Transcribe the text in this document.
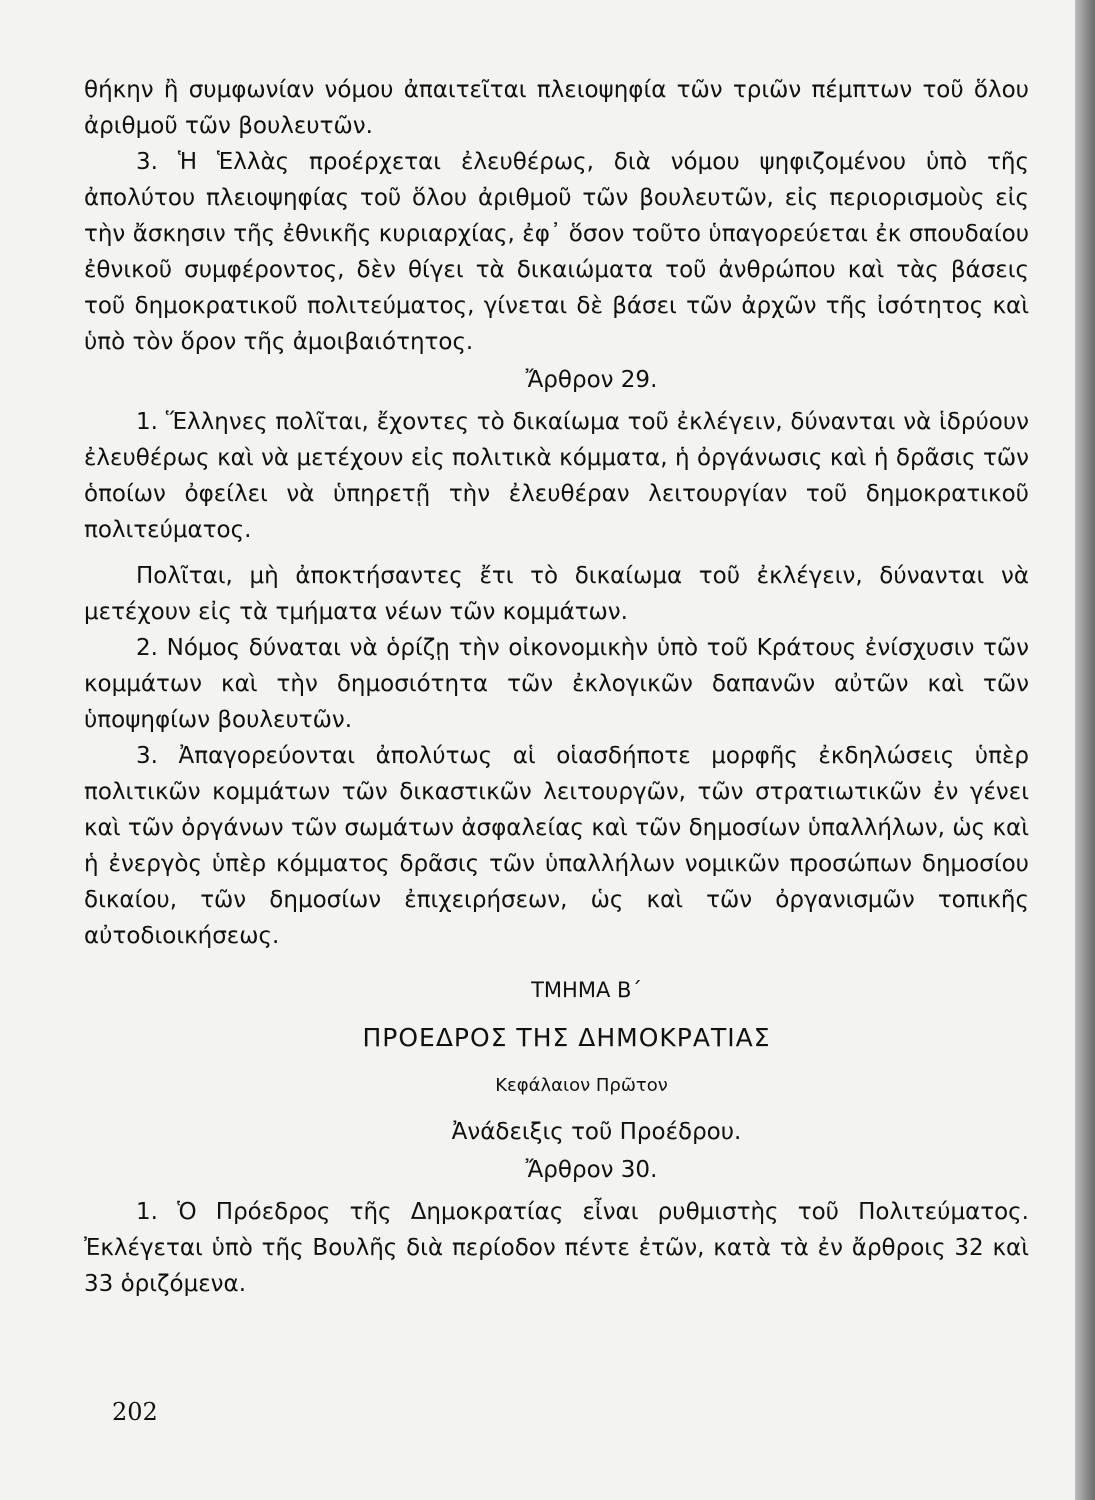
θήκην ἢ συμφωνίαν νόμου ἀπαιτεῖται πλειοψηφία τῶν τριῶν πέμπτων τοῦ ὅλου ἀριθμοῦ τῶν βουλευτῶν.

3. Ἡ Ἑλλὰς προέρχεται ἐλευθέρως, διὰ νόμου ψηφιζομένου ὑπὸ τῆς ἀπολύτου πλειοψηφίας τοῦ ὅλου ἀριθμοῦ τῶν βουλευτῶν, εἰς περιορισμοὺς εἰς τὴν ἄσκησιν τῆς ἐθνικῆς κυριαρχίας, ἐφ᾽ ὅσον τοῦτο ὑπαγορεύεται ἐκ σπουδαίου ἐθνικοῦ συμφέροντος, δὲν θίγει τὰ δικαιώματα τοῦ ἀνθρώπου καὶ τὰς βάσεις τοῦ δημοκρατικοῦ πολιτεύματος, γίνεται δὲ βάσει τῶν ἀρχῶν τῆς ἰσότητος καὶ ὑπὸ τὸν ὅρον τῆς ἀμοιβαιότητος.

Ἄρθρον 29.

1. Ἕλληνες πολῖται, ἔχοντες τὸ δικαίωμα τοῦ ἐκλέγειν, δύνανται νὰ ἱδρύουν ἐλευθέρως καὶ νὰ μετέχουν εἰς πολιτικὰ κόμματα, ἡ ὀργάνωσις καὶ ἡ δρᾶσις τῶν ὁποίων ὀφείλει νὰ ὑπηρετῇ τὴν ἐλευθέραν λειτουργίαν τοῦ δημοκρατικοῦ πολιτεύματος.

Πολῖται, μὴ ἀποκτήσαντες ἔτι τὸ δικαίωμα τοῦ ἐκλέγειν, δύνανται νὰ μετέχουν εἰς τὰ τμήματα νέων τῶν κομμάτων.

2. Νόμος δύναται νὰ ὁρίζῃ τὴν οἰκονομικὴν ὑπὸ τοῦ Κράτους ἐνίσχυσιν τῶν κομμάτων καὶ τὴν δημοσιότητα τῶν ἐκλογικῶν δαπανῶν αὐτῶν καὶ τῶν ὑποψηφίων βουλευτῶν.

3. Ἀπαγορεύονται ἀπολύτως αἱ οἱασδήποτε μορφῆς ἐκδηλώσεις ὑπὲρ πολιτικῶν κομμάτων τῶν δικαστικῶν λειτουργῶν, τῶν στρατιωτικῶν ἐν γένει καὶ τῶν ὀργάνων τῶν σωμάτων ἀσφαλείας καὶ τῶν δημοσίων ὑπαλλήλων, ὡς καὶ ἡ ἐνεργὸς ὑπὲρ κόμματος δρᾶσις τῶν ὑπαλλήλων νομικῶν προσώπων δημοσίου δικαίου, τῶν δημοσίων ἐπιχειρήσεων, ὡς καὶ τῶν ὀργανισμῶν τοπικῆς αὐτοδιοικήσεως.

ΤΜΗΜΑ Β΄
ΠΡΟΕΔΡΟΣ ΤΗΣ ΔΗΜΟΚΡΑΤΙΑΣ
Κεφάλαιον Πρῶτον
Ἀνάδειξις τοῦ Προέδρου.
Ἄρθρον 30.

1. Ὁ Πρόεδρος τῆς Δημοκρατίας εἶναι ρυθμιστὴς τοῦ Πολιτεύματος. Ἐκλέγεται ὑπὸ τῆς Βουλῆς διὰ περίοδον πέντε ἐτῶν, κατὰ τὰ ἐν ἄρθροις 32 καὶ 33 ὁριζόμενα.

202
